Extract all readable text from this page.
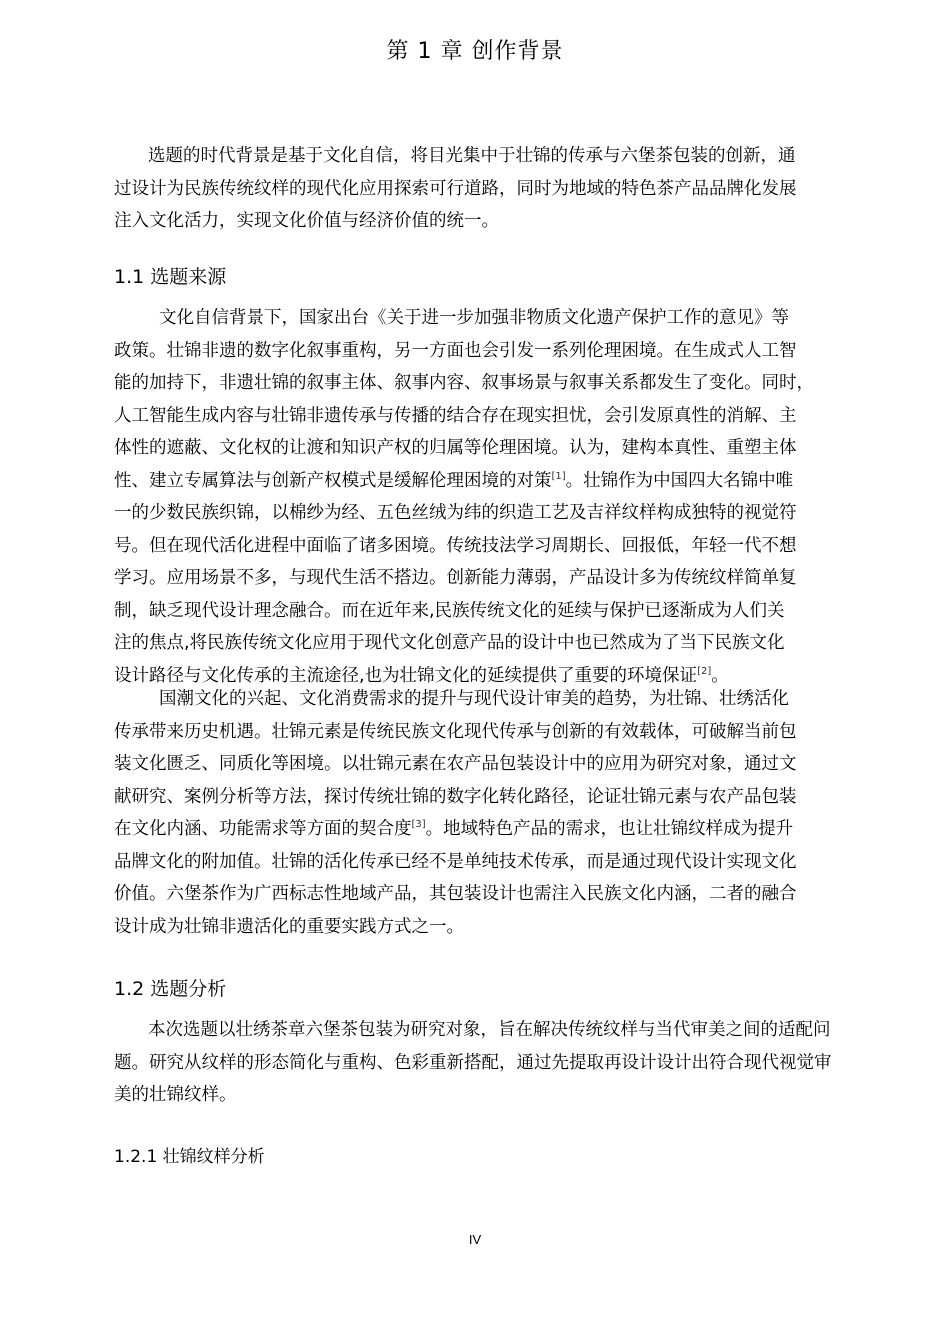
第 1 章 创作背景

选题的时代背景是基于文化自信，将目光集中于壮锦的传承与六堡茶包装的创新，通
过设计为民族传统纹样的现代化应用探索可行道路，同时为地域的特色茶产品品牌化发展
注入文化活力，实现文化价值与经济价值的统一。

1.1 选题来源

文化自信背景下，国家出台《关于进一步加强非物质文化遗产保护工作的意见》等
政策。壮锦非遗的数字化叙事重构，另一方面也会引发一系列伦理困境。在生成式人工智
能的加持下，非遗壮锦的叙事主体、叙事内容、叙事场景与叙事关系都发生了变化。同时，
人工智能生成内容与壮锦非遗传承与传播的结合存在现实担忧，会引发原真性的消解、主
体性的遮蔽、文化权的让渡和知识产权的归属等伦理困境。认为，建构本真性、重塑主体
性、建立专属算法与创新产权模式是缓解伦理困境的对策[1]。壮锦作为中国四大名锦中唯
一的少数民族织锦，以棉纱为经、五色丝绒为纬的织造工艺及吉祥纹样构成独特的视觉符
号。但在现代活化进程中面临了诸多困境。传统技法学习周期长、回报低，年轻一代不想
学习。应用场景不多，与现代生活不搭边。创新能力薄弱，产品设计多为传统纹样简单复
制，缺乏现代设计理念融合。而在近年来,民族传统文化的延续与保护已逐渐成为人们关
注的焦点,将民族传统文化应用于现代文化创意产品的设计中也已然成为了当下民族文化
设计路径与文化传承的主流途径,也为壮锦文化的延续提供了重要的环境保证[2]。

国潮文化的兴起、文化消费需求的提升与现代设计审美的趋势，为壮锦、壮绣活化
传承带来历史机遇。壮锦元素是传统民族文化现代传承与创新的有效载体，可破解当前包
装文化匮乏、同质化等困境。以壮锦元素在农产品包装设计中的应用为研究对象，通过文
献研究、案例分析等方法，探讨传统壮锦的数字化转化路径，论证壮锦元素与农产品包装
在文化内涵、功能需求等方面的契合度[3]。地域特色产品的需求，也让壮锦纹样成为提升
品牌文化的附加值。壮锦的活化传承已经不是单纯技术传承，而是通过现代设计实现文化
价值。六堡茶作为广西标志性地域产品，其包装设计也需注入民族文化内涵，二者的融合
设计成为壮锦非遗活化的重要实践方式之一。

1.2 选题分析

本次选题以壮绣茶章六堡茶包装为研究对象，旨在解决传统纹样与当代审美之间的适配问
题。研究从纹样的形态简化与重构、色彩重新搭配，通过先提取再设计设计出符合现代视觉审
美的壮锦纹样。

1.2.1 壮锦纹样分析
IV
